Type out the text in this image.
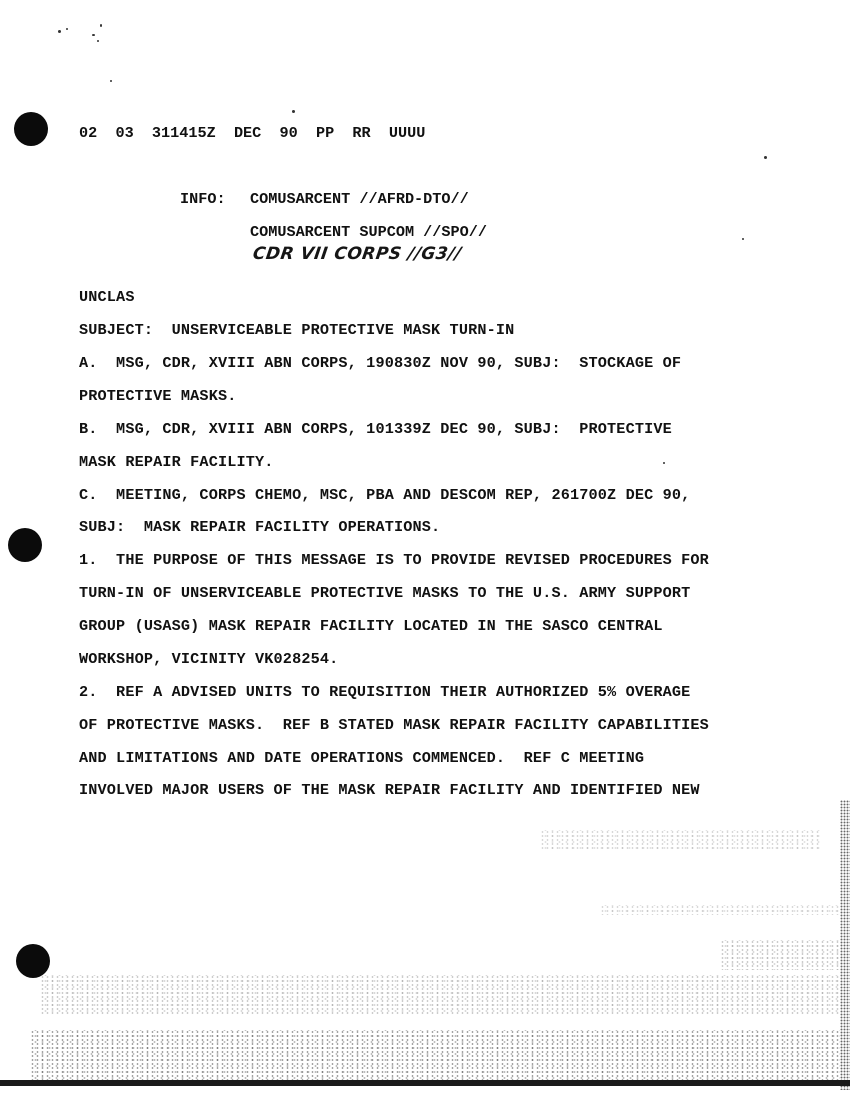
02  03  311415Z  DEC  90  PP  RR  UUUU
INFO: COMUSARCENT //AFRD-DTO//
COMUSARCENT SUPCOM //SPO//
CDR VII CORPS //G3//
UNCLAS
SUBJECT:  UNSERVICEABLE PROTECTIVE MASK TURN-IN
A.  MSG, CDR, XVIII ABN CORPS, 190830Z NOV 90, SUBJ:  STOCKAGE OF
PROTECTIVE MASKS.
B.  MSG, CDR, XVIII ABN CORPS, 101339Z DEC 90, SUBJ:  PROTECTIVE
MASK REPAIR FACILITY.
C.  MEETING, CORPS CHEMO, MSC, PBA AND DESCOM REP, 261700Z DEC 90,
SUBJ:  MASK REPAIR FACILITY OPERATIONS.
1.  THE PURPOSE OF THIS MESSAGE IS TO PROVIDE REVISED PROCEDURES FOR
TURN-IN OF UNSERVICEABLE PROTECTIVE MASKS TO THE U.S. ARMY SUPPORT
GROUP (USASG) MASK REPAIR FACILITY LOCATED IN THE SASCO CENTRAL
WORKSHOP, VICINITY VK028254.
2.  REF A ADVISED UNITS TO REQUISITION THEIR AUTHORIZED 5% OVERAGE
OF PROTECTIVE MASKS.  REF B STATED MASK REPAIR FACILITY CAPABILITIES
AND LIMITATIONS AND DATE OPERATIONS COMMENCED.  REF C MEETING
INVOLVED MAJOR USERS OF THE MASK REPAIR FACILITY AND IDENTIFIED NEW
